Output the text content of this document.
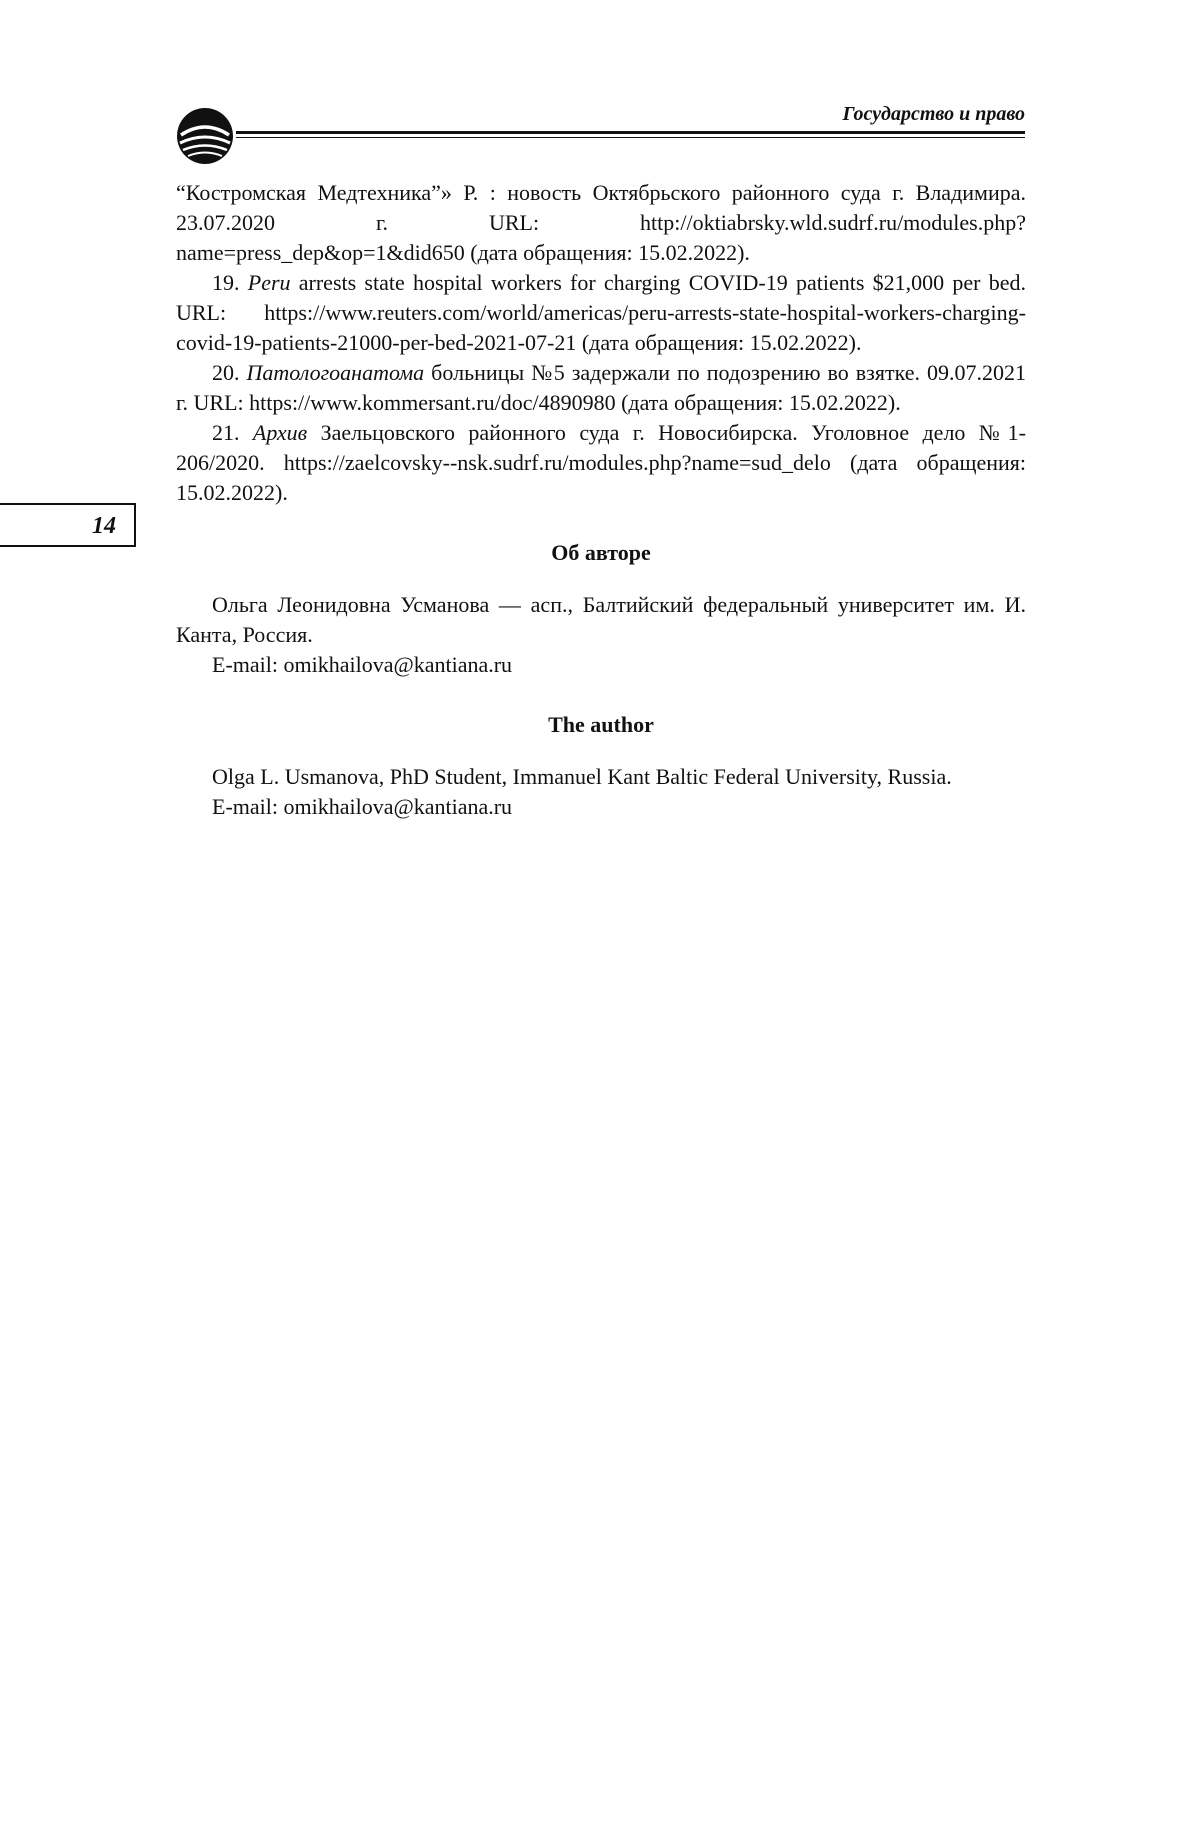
Государство и право
14

“Костромская Медтехника”» Р. : новость Октябрьского районного суда г. Владимира. 23.07.2020 г. URL: http://oktiabrsky.wld.sudrf.ru/modules.php?name=press_dep&op=1&did650 (дата обращения: 15.02.2022).

19. Peru arrests state hospital workers for charging COVID-19 patients $21,000 per bed. URL: https://www.reuters.com/world/americas/peru-arrests-state-hospital-workers-charging-covid-19-patients-21000-per-bed-2021-07-21 (дата обращения: 15.02.2022).

20. Патологоанатома больницы №5 задержали по подозрению во взятке. 09.07.2021 г. URL: https://www.kommersant.ru/doc/4890980 (дата обращения: 15.02.2022).

21. Архив Заельцовского районного суда г. Новосибирска. Уголовное дело №1-206/2020. https://zaelcovsky--nsk.sudrf.ru/modules.php?name=sud_delo (дата обращения: 15.02.2022).

Об авторе

Ольга Леонидовна Усманова — асп., Балтийский федеральный университет им. И. Канта, Россия.

E-mail: omikhailova@kantiana.ru

The author

Olga L. Usmanova, PhD Student, Immanuel Kant Baltic Federal University, Russia.

E-mail: omikhailova@kantiana.ru
